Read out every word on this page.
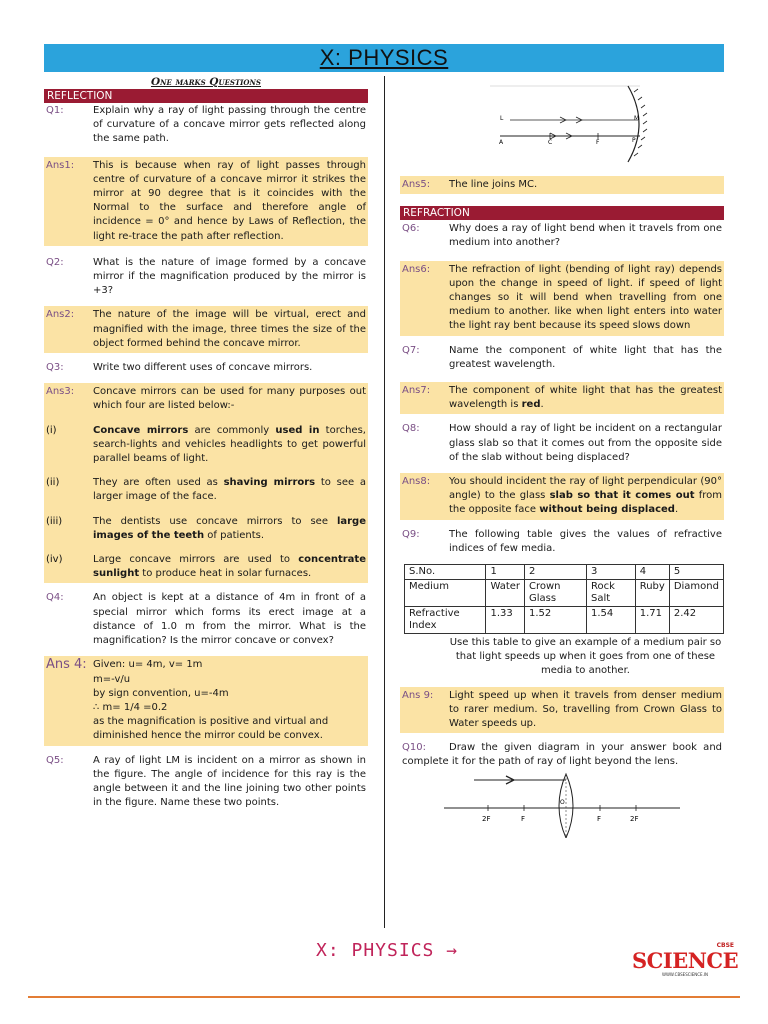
X: PHYSICS
One marks Questions
REFLECTION
Q1:	Explain why a ray of light passing through the centre of curvature of a concave mirror gets reflected along the same path.
Ans1:	This is because when ray of light passes through centre of curvature of a concave mirror it strikes the mirror at 90 degree that is it coincides with the Normal to the surface and therefore angle of incidence = 0° and hence by Laws of Reflection, the light re-trace the path after reflection.
Q2:	What is the nature of image formed by a concave mirror if the magnification produced by the mirror is +3?
Ans2:	The nature of the image will be virtual, erect and magnified with the image, three times the size of the object formed behind the concave mirror.
Q3:	Write two different uses of concave mirrors.
Ans3:	Concave mirrors can be used for many purposes out which four are listed below:-
(i)	Concave mirrors are commonly used in torches, search-lights and vehicles headlights to get powerful parallel beams of light.
(ii)	They are often used as shaving mirrors to see a larger image of the face.
(iii)	The dentists use concave mirrors to see large images of the teeth of patients.
(iv)	Large concave mirrors are used to concentrate sunlight to produce heat in solar furnaces.
Q4:	An object is kept at a distance of 4m in front of a special mirror which forms its erect image at a distance of 1.0 m from the mirror. What is the magnification? Is the mirror concave or convex?
Ans 4: Given: u= 4m, v= 1m
m=-v/u
by sign convention, u=-4m
∴ m= 1/4 =0.2
as the magnification is positive and virtual and diminished hence the mirror could be convex.
Q5:	A ray of light LM is incident on a mirror as shown in the figure. The angle of incidence for this ray is the angle between it and the line joining two other points in the figure. Name these two points.
L	M
A	C	F	P
Ans5:	The line joins MC.
REFRACTION
Q6:	Why does a ray of light bend when it travels from one medium into another?
Ans6:	The refraction of light (bending of light ray) depends upon the change in speed of light. if speed of light changes so it will bend when travelling from one medium to another. like when light enters into water the light ray bent because its speed slows down
Q7:	Name the component of white light that has the greatest wavelength.
Ans7:	The component of white light that has the greatest wavelength is red.
Q8:	How should a ray of light be incident on a rectangular glass slab so that it comes out from the opposite side of the slab without being displaced?
Ans8:	You should incident the ray of light perpendicular (90° angle) to the glass slab so that it comes out from the opposite face without being displaced.
Q9:	The following table gives the values of refractive indices of few media.
S.No.	1	2	3	4	5
Medium	Water	Crown Glass	Rock Salt	Ruby	Diamond
Refractive Index	1.33	1.52	1.54	1.71	2.42
Use this table to give an example of a medium pair so that light speeds up when it goes from one of these media to another.
Ans 9:	Light speed up when it travels from denser medium to rarer medium. So, travelling from Crown Glass to Water speeds up.
Q10: Draw the given diagram in your answer book and complete it for the path of ray of light beyond the lens.
2F	F
O
F	2F
X: PHYSICS →	CBSE
SCIENCE
WWW.CBSESCIENCE.IN
